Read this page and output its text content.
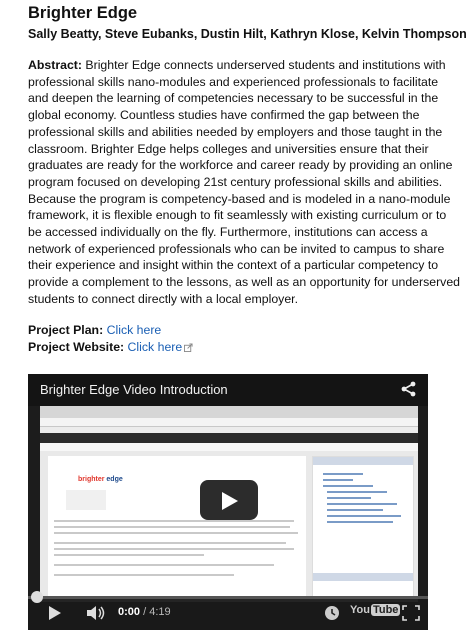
Brighter Edge
Sally Beatty, Steve Eubanks, Dustin Hilt, Kathryn Klose, Kelvin Thompson

Abstract: Brighter Edge connects underserved students and institutions with professional skills nano-modules and experienced professionals to facilitate and deepen the learning of competencies necessary to be successful in the global economy. Countless studies have confirmed the gap between the professional skills and abilities needed by employers and those taught in the classroom. Brighter Edge helps colleges and universities ensure that their graduates are ready for the workforce and career ready by providing an online program focused on developing 21st century professional skills and abilities. Because the program is competency-based and is modeled in a nano-module framework, it is flexible enough to fit seamlessly with existing curriculum or to be accessed individually on the fly. Furthermore, institutions can access a network of experienced professionals who can be invited to campus to share their experience and insight within the context of a particular competency to provide a complement to the lessons, as well as an opportunity for underserved students to connect directly with a local employer.

Project Plan: Click here
Project Website: Click here
Brighter Edge Video Introduction
brighter edge
0:00 / 4:19	You Tube
